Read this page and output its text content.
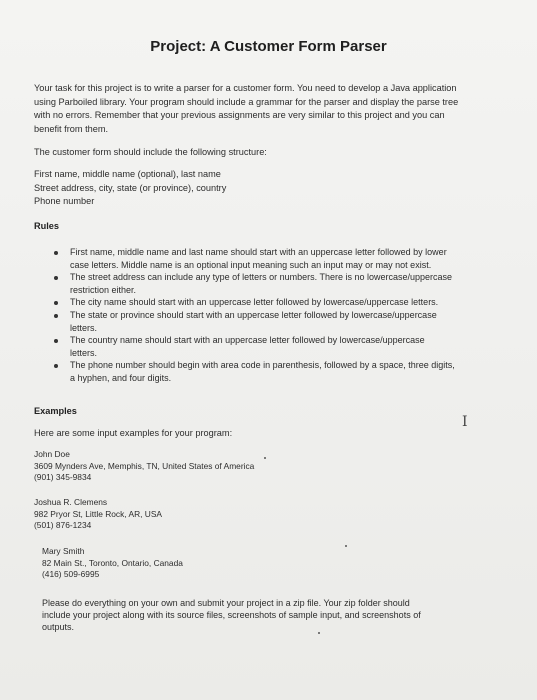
Project: A Customer Form Parser
Your task for this project is to write a parser for a customer form. You need to develop a Java application
using Parboiled library. Your program should include a grammar for the parser and display the parse tree
with no errors. Remember that your previous assignments are very similar to this project and you can
benefit from them.
The customer form should include the following structure:
First name, middle name (optional), last name
Street address, city, state (or province), country
Phone number
Rules
First name, middle name and last name should start with an uppercase letter followed by lower
case letters. Middle name is an optional input meaning such an input may or may not exist.
The street address can include any type of letters or numbers. There is no lowercase/uppercase
restriction either.
The city name should start with an uppercase letter followed by lowercase/uppercase letters.
The state or province should start with an uppercase letter followed by lowercase/uppercase
letters.
The country name should start with an uppercase letter followed by lowercase/uppercase
letters.
The phone number should begin with area code in parenthesis, followed by a space, three digits,
a hyphen, and four digits.
Examples
I
Here are some input examples for your program:
John Doe
3609 Mynders Ave, Memphis, TN, United States of America
(901) 345-9834
Joshua R. Clemens
982 Pryor St, Little Rock, AR, USA
(501) 876-1234
Mary Smith
82 Main St., Toronto, Ontario, Canada
(416) 509-6995
Please do everything on your own and submit your project in a zip file. Your zip folder should
include your project along with its source files, screenshots of sample input, and screenshots of
outputs.
